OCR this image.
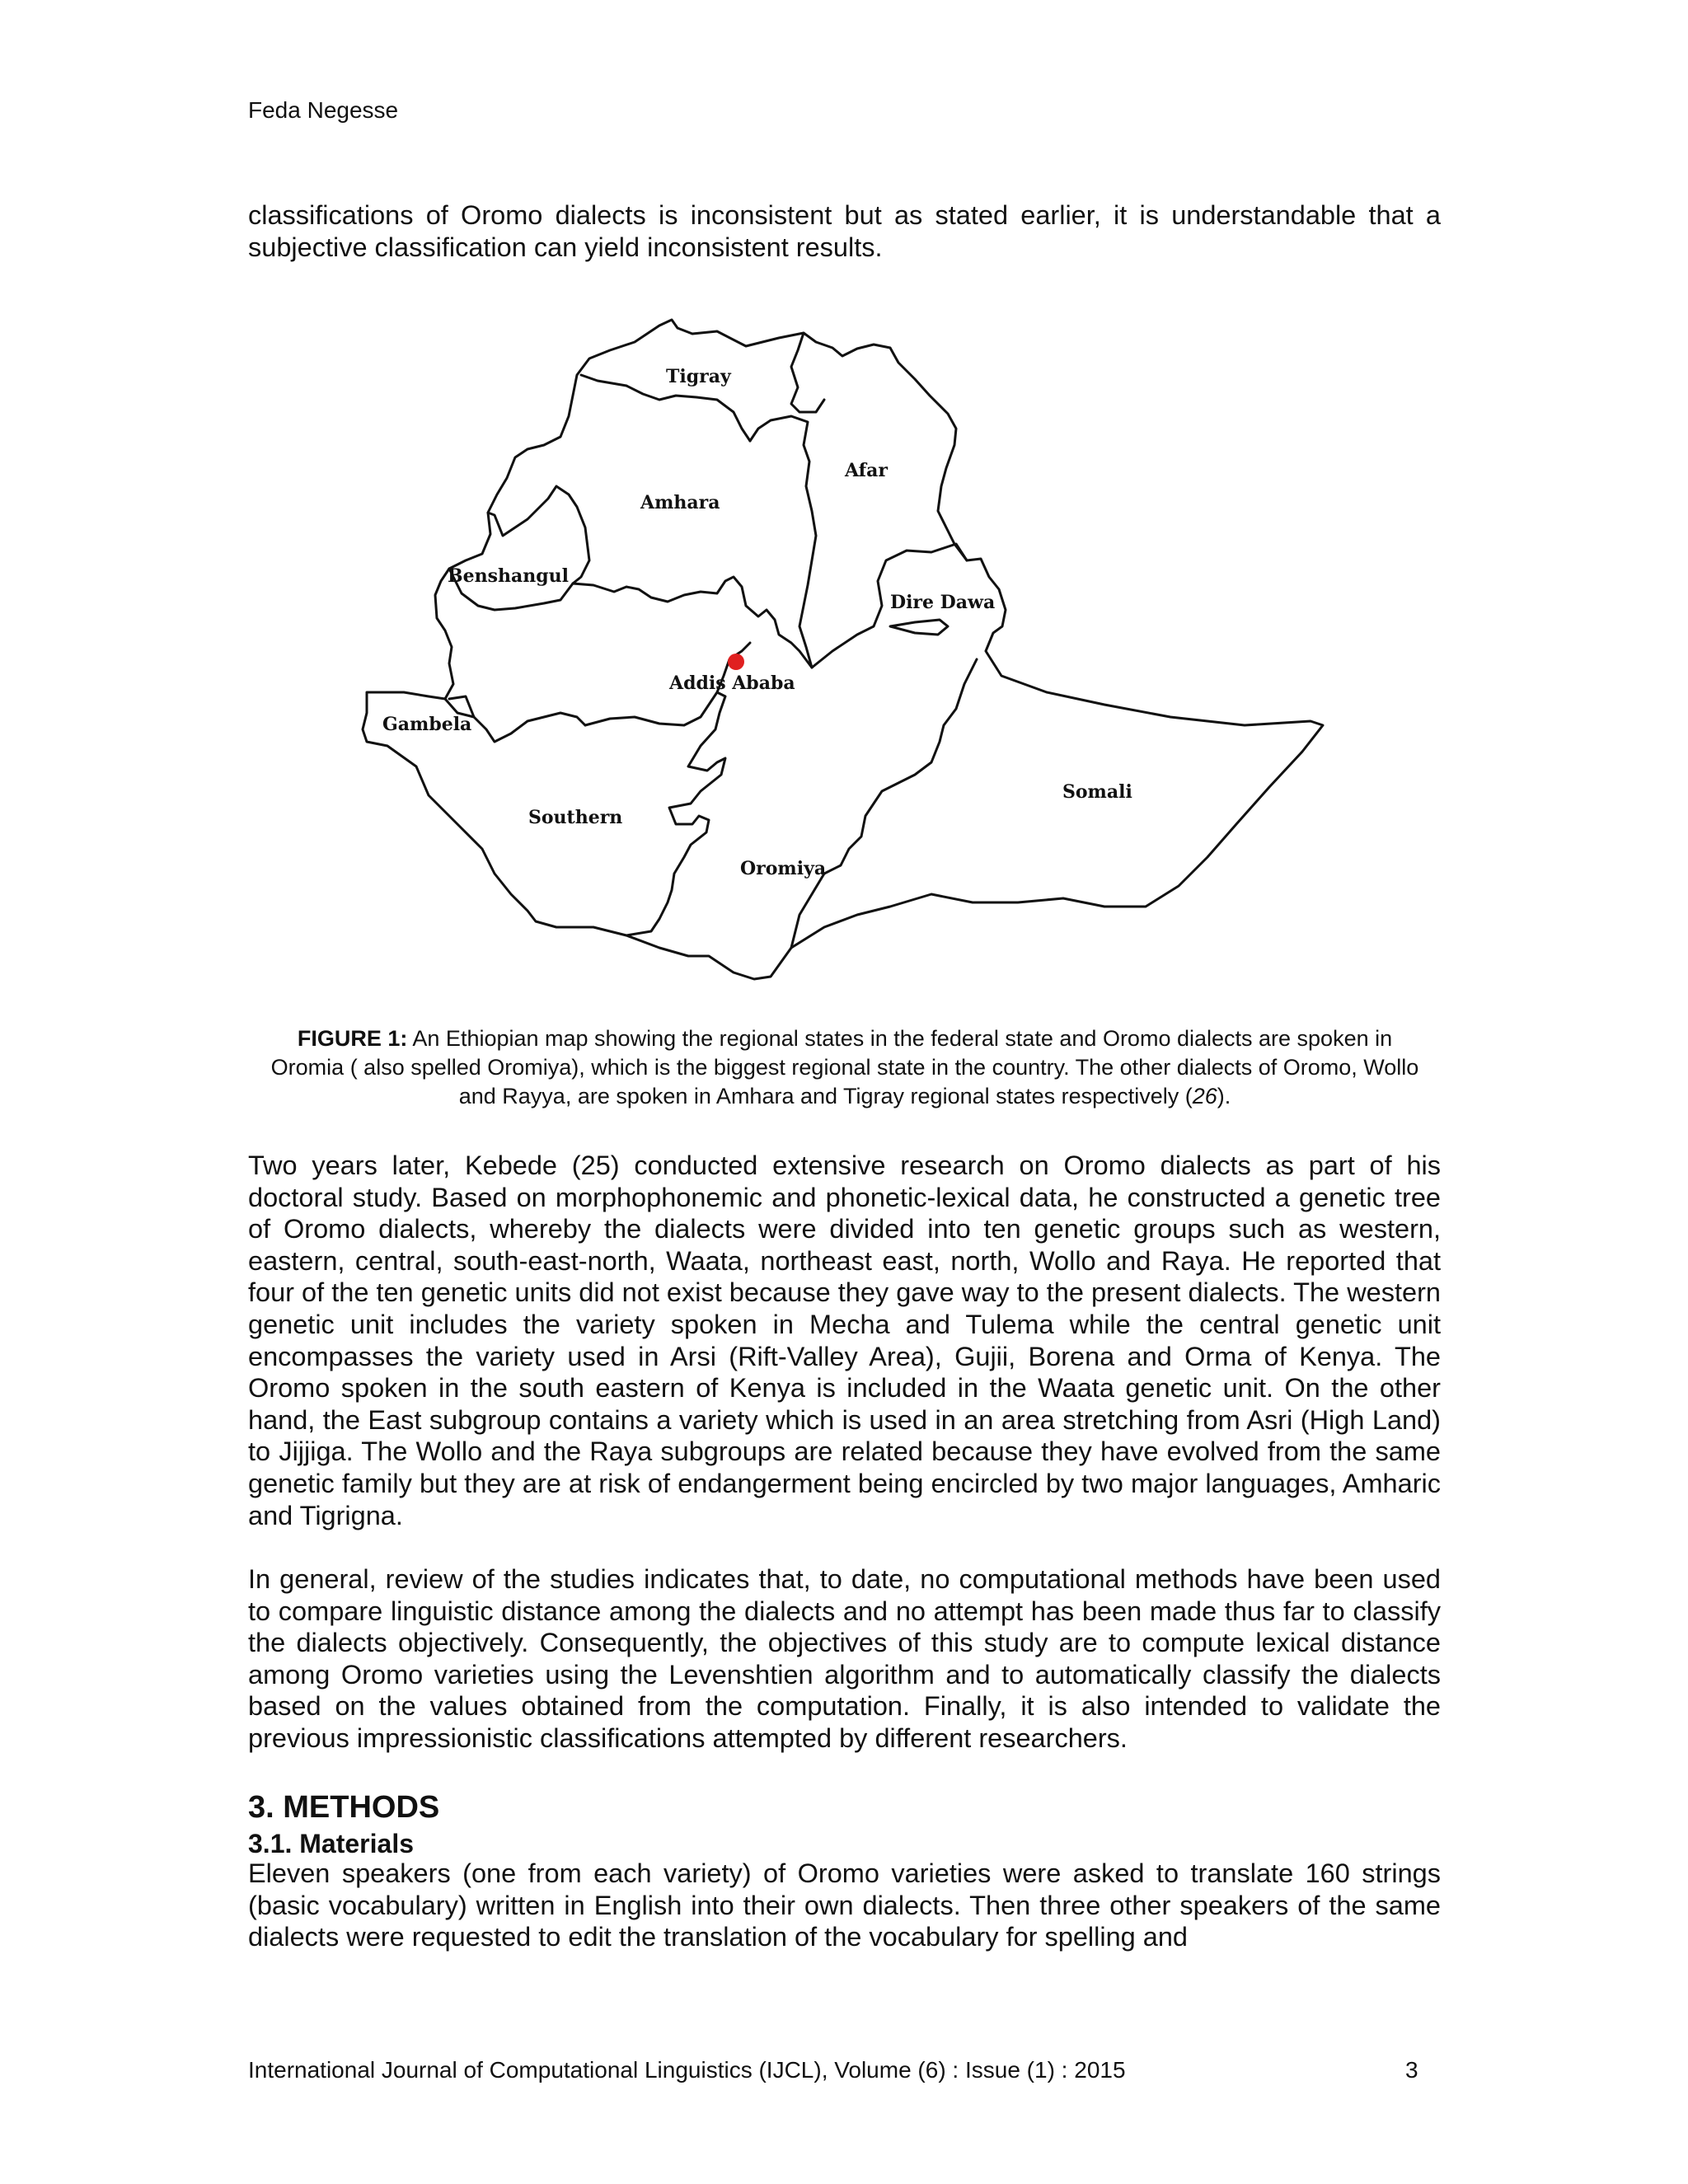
Feda Negesse

classifications of Oromo dialects is inconsistent but as stated earlier, it is understandable that a subjective classification can yield inconsistent results.

Tigray
Afar
Amhara
Benshangul
Dire Dawa
Addis Ababa
Gambela
Somali
Southern
Oromiya

FIGURE 1: An Ethiopian map showing the regional states in the federal state and Oromo dialects are spoken in Oromia ( also spelled Oromiya), which is the biggest regional state in the country. The other dialects of Oromo, Wollo and Rayya, are spoken in Amhara and Tigray regional states respectively (26).

Two years later, Kebede (25) conducted extensive research on Oromo dialects as part of his doctoral study. Based on morphophonemic and phonetic-lexical data, he constructed a genetic tree of Oromo dialects, whereby the dialects were divided into ten genetic groups such as western, eastern, central, south-east-north, Waata, northeast east, north, Wollo and Raya. He reported that four of the ten genetic units did not exist because they gave way to the present dialects. The western genetic unit includes the variety spoken in Mecha and Tulema while the central genetic unit encompasses the variety used in Arsi (Rift-Valley Area), Gujii, Borena and Orma of Kenya. The Oromo spoken in the south eastern of Kenya is included in the Waata genetic unit. On the other hand, the East subgroup contains a variety which is used in an area stretching from Asri (High Land) to Jijjiga. The Wollo and the Raya subgroups are related because they have evolved from the same genetic family but they are at risk of endangerment being encircled by two major languages, Amharic and Tigrigna.

In general, review of the studies indicates that, to date, no computational methods have been used to compare linguistic distance among the dialects and no attempt has been made thus far to classify the dialects objectively. Consequently, the objectives of this study are to compute lexical distance among Oromo varieties using the Levenshtien algorithm and to automatically classify the dialects based on the values obtained from the computation. Finally, it is also intended to validate the previous impressionistic classifications attempted by different researchers.

3. METHODS
3.1. Materials

Eleven speakers (one from each variety) of Oromo varieties were asked to translate 160 strings (basic vocabulary) written in English into their own dialects. Then three other speakers of the same dialects were requested to edit the translation of the vocabulary for spelling and

International Journal of Computational Linguistics (IJCL), Volume (6) : Issue (1) : 2015	3
